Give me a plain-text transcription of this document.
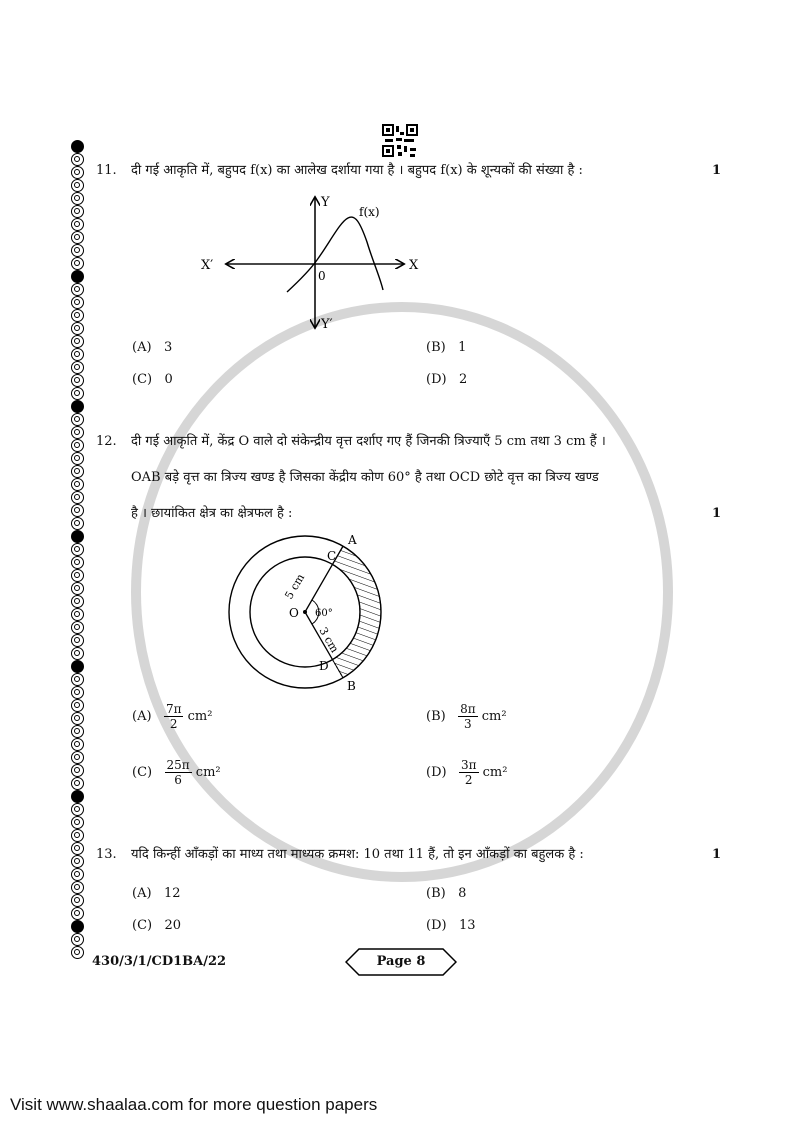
11. दी गई आकृति में, बहुपद f(x) का आलेख दर्शाया गया है । बहुपद f(x) के शून्यकों की संख्या है :	1
Y
Y′
X
X′
0
f(x)
(A) 3	(B) 1
(C) 0	(D) 2
12. दी गई आकृति में, केंद्र O वाले दो संकेन्द्रीय वृत्त दर्शाए गए हैं जिनकी त्रिज्याएँ 5 cm तथा 3 cm हैं ।
OAB बड़े वृत्त का त्रिज्य खण्ड है जिसका केंद्रीय कोण 60° है तथा OCD छोटे वृत्त का त्रिज्य खण्ड
है । छायांकित क्षेत्र का क्षेत्रफल है :	1
O
A
C
D
B
60°
5 cm
3 cm
$(A) \frac{7\pi}{2} cm^2$	$(B) \frac{8\pi}{3} cm^2$
$(C) \frac{25\pi}{6} cm^2$	$(D) \frac{3\pi}{2} cm^2$
13. यदि किन्हीं आँकड़ों का माध्य तथा माध्यक क्रमश: 10 तथा 11 हैं, तो इन आँकड़ों का बहुलक है :	1
(A) 12	(B) 8
(C) 20	(D) 13
430/3/1/CD1BA/22	Page 8
Visit www.shaalaa.com for more question papers
